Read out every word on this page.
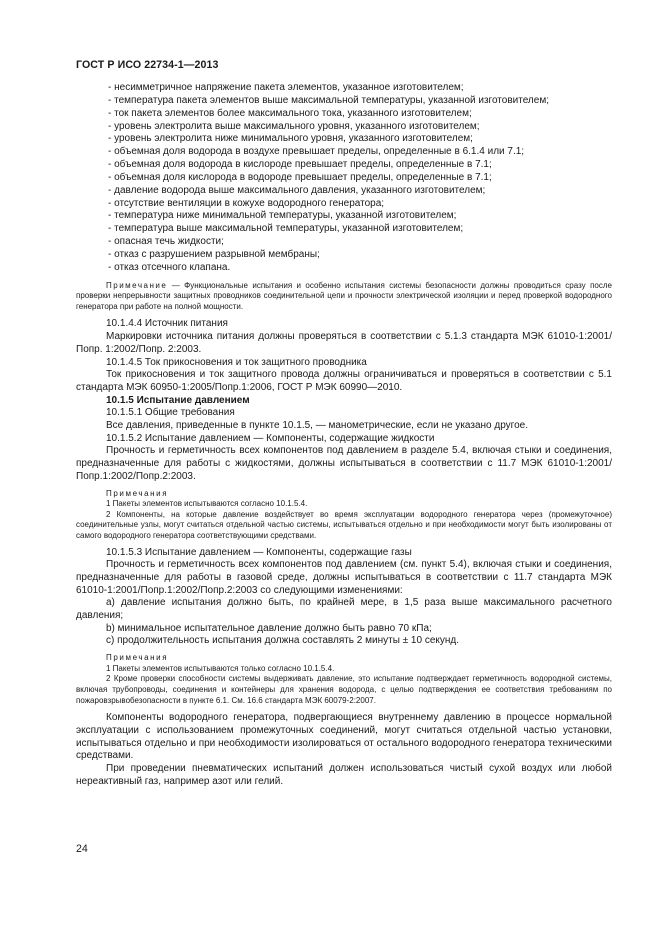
ГОСТ Р ИСО 22734-1—2013
- несимметричное напряжение пакета элементов, указанное изготовителем;
- температура пакета элементов выше максимальной температуры, указанной изготовителем;
- ток пакета элементов более максимального тока, указанного изготовителем;
- уровень электролита выше максимального уровня, указанного изготовителем;
- уровень электролита ниже минимального уровня, указанного изготовителем;
- объемная доля водорода в воздухе превышает пределы, определенные в 6.1.4 или 7.1;
- объемная доля водорода в кислороде превышает пределы, определенные в 7.1;
- объемная доля кислорода в водороде превышает пределы, определенные в 7.1;
- давление водорода выше максимального давления, указанного изготовителем;
- отсутствие вентиляции в кожухе водородного генератора;
- температура ниже минимальной температуры, указанной изготовителем;
- температура выше максимальной температуры, указанной изготовителем;
- опасная течь жидкости;
- отказ с разрушением разрывной мембраны;
- отказ отсечного клапана.

Примечание — Функциональные испытания и особенно испытания системы безопасности должны проводиться сразу после проверки непрерывности защитных проводников соединительной цепи и прочности электрической изоляции и перед проверкой водородного генератора при работе на полной мощности.

10.1.4.4 Источник питания

Маркировки источника питания должны проверяться в соответствии с 5.1.3 стандарта МЭК 61010-1:2001/Попр. 1:2002/Попр. 2:2003.

10.1.4.5 Ток прикосновения и ток защитного проводника

Ток прикосновения и ток защитного провода должны ограничиваться и проверяться в соответствии с 5.1 стандарта МЭК 60950-1:2005/Попр.1:2006, ГОСТ Р МЭК 60990—2010.

10.1.5 Испытание давлением

10.1.5.1 Общие требования

Все давления, приведенные в пункте 10.1.5, — манометрические, если не указано другое.

10.1.5.2 Испытание давлением — Компоненты, содержащие жидкости

Прочность и герметичность всех компонентов под давлением в разделе 5.4, включая стыки и соединения, предназначенные для работы с жидкостями, должны испытываться в соответствии с 11.7 МЭК 61010-1:2001/Попр.1:2002/Попр.2:2003.

Примечания

1 Пакеты элементов испытываются согласно 10.1.5.4.

2 Компоненты, на которые давление воздействует во время эксплуатации водородного генератора через (промежуточное) соединительные узлы, могут считаться отдельной частью системы, испытываться отдельно и при необходимости могут быть изолированы от самого водородного генератора соответствующими средствами.

10.1.5.3 Испытание давлением — Компоненты, содержащие газы

Прочность и герметичность всех компонентов под давлением (см. пункт 5.4), включая стыки и соединения, предназначенные для работы в газовой среде, должны испытываться в соответствии с 11.7 стандарта МЭК 61010-1:2001/Попр.1:2002/Попр.2:2003 со следующими изменениями:

а) давление испытания должно быть, по крайней мере, в 1,5 раза выше максимального расчетного давления;

b) минимальное испытательное давление должно быть равно 70 кПа;

с) продолжительность испытания должна составлять 2 минуты ± 10 секунд.

Примечания

1 Пакеты элементов испытываются только согласно 10.1.5.4.

2 Кроме проверки способности системы выдерживать давление, это испытание подтверждает герметичность водородной системы, включая трубопроводы, соединения и контейнеры для хранения водорода, с целью подтверждения ее соответствия требованиям по пожаровзрывобезопасности в пункте 6.1. См. 16.6 стандарта МЭК 60079-2:2007.

Компоненты водородного генератора, подвергающиеся внутреннему давлению в процессе нормальной эксплуатации с использованием промежуточных соединений, могут считаться отдельной частью установки, испытываться отдельно и при необходимости изолироваться от остального водородного генератора техническими средствами.

При проведении пневматических испытаний должен использоваться чистый сухой воздух или любой нереактивный газ, например азот или гелий.

24
